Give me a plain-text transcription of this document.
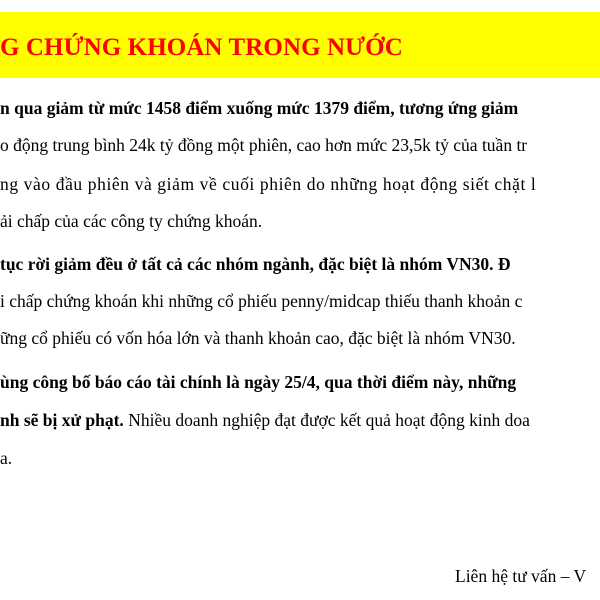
G CHỨNG KHOÁN TRONG NƯỚC
n qua giảm từ mức 1458 điểm xuống mức 1379 điểm, tương ứng giảm
o động trung bình 24k tỷ đồng một phiên, cao hơn mức 23,5k tỷ của tuần tr
ng vào đầu phiên và giảm về cuối phiên do những hoạt động siết chặt l
ải chấp của các công ty chứng khoán.
tục rời giảm đều ở tất cả các nhóm ngành, đặc biệt là nhóm VN30. Đ
i chấp chứng khoán khi những cổ phiếu penny/midcap thiếu thanh khoản c
ững cổ phiếu có vốn hóa lớn và thanh khoản cao, đặc biệt là nhóm VN30.
ùng công bố báo cáo tài chính là ngày 25/4, qua thời điểm này, những
nh sẽ bị xử phạt. Nhiều doanh nghiệp đạt được kết quả hoạt động kinh doa
a.
Liên hệ tư vấn – V
